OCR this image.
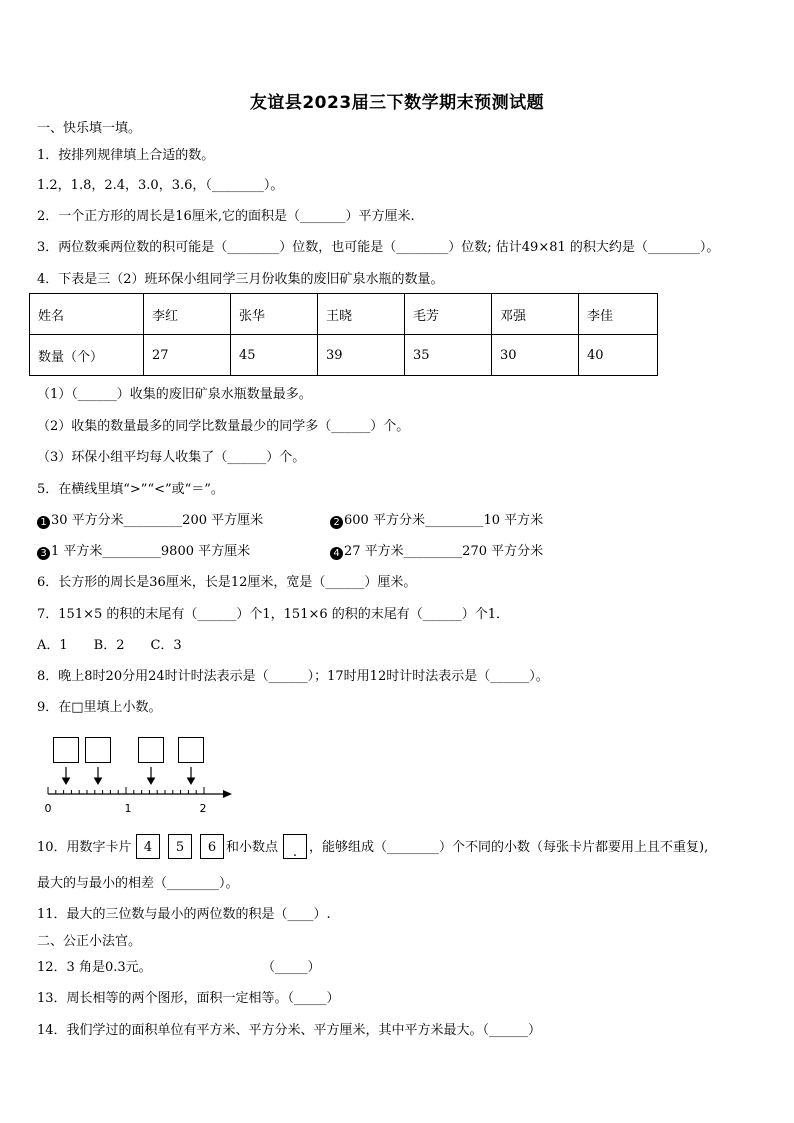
友谊县2023届三下数学期末预测试题
一、快乐填一填。
1．按排列规律填上合适的数。
1.2，1.8，2.4，3.0，3.6，（________）。
2．一个正方形的周长是16厘米,它的面积是（_______）平方厘米.
3．两位数乘两位数的积可能是（________）位数，也可能是（________）位数; 估计49×81 的积大约是（________）。
4．下表是三（2）班环保小组同学三月份收集的废旧矿泉水瓶的数量。
姓名	李红	张华	王晓	毛芳	邓强	李佳
数量（个）	27	45	39	35	30	40
（1）（______）收集的废旧矿泉水瓶数量最多。
（2）收集的数量最多的同学比数量最少的同学多（______）个。
（3）环保小组平均每人收集了（______）个。
5．在横线里填“>”“<”或“＝”。
1 30 平方分米_________200 平方厘米	2 600 平方分米_________10 平方米
3 1 平方米_________9800 平方厘米	4 27 平方米_________270 平方分米
6．长方形的周长是36厘米，长是12厘米，宽是（______）厘米。
7．151×5 的积的末尾有（______）个1，151×6 的积的末尾有（______）个1．
A．1　　B．2　　C．3
8．晚上8时20分用24时计时法表示是（______）；17时用12时计时法表示是（______）。
9．在□里填上小数。
0	1	2
10．用数字卡片 4	5	6 和小数点	. ，能够组成（________）个不同的小数（每张卡片都要用上且不重复),
最大的与最小的相差（________）。
11．最大的三位数与最小的两位数的积是（____）.
二、公正小法官。
12．3 角是0.3元。	（_____）
13．周长相等的两个图形，面积一定相等。（_____）
14．我们学过的面积单位有平方米、平方分米、平方厘米，其中平方米最大。（______）
